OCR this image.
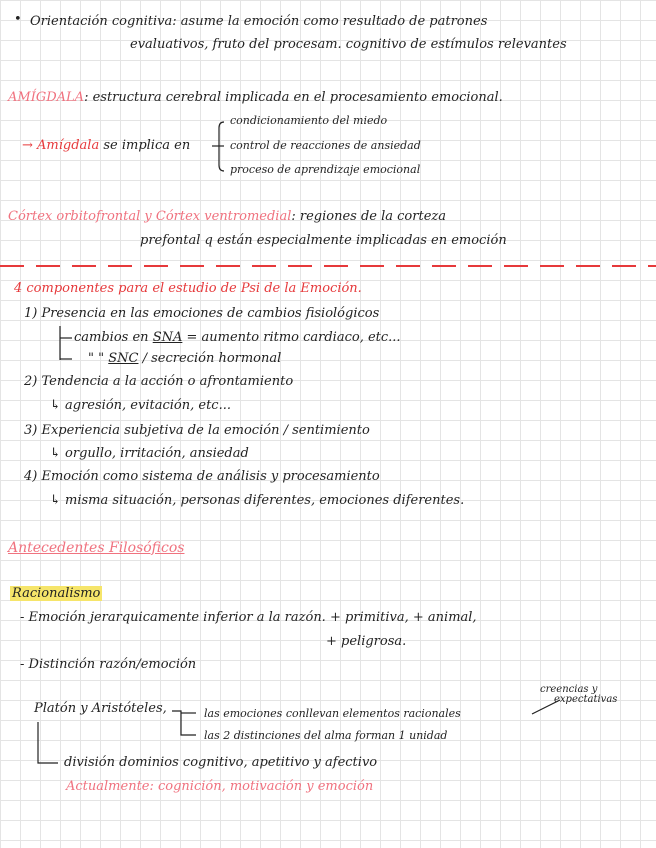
• Orientación cognitiva: asume la emoción como resultado de patrones
evaluativos, fruto del procesam. cognitivo de estímulos relevantes
AMÍGDALA: estructura cerebral implicada en el procesamiento emocional.
condicionamiento del miedo
→ Amígdala se implica en	control de reacciones de ansiedad
proceso de aprendizaje emocional
Córtex orbitofrontal y Córtex ventromedial: regiones de la corteza
prefontal q están especialmente implicadas en emoción
4 componentes para el estudio de Psi de la Emoción.
1) Presencia en las emociones de cambios fisiológicos
cambios en SNA = aumento ritmo cardiaco, etc...
" " SNC / secreción hormonal
2) Tendencia a la acción o afrontamiento
↳ agresión, evitación, etc...
3) Experiencia subjetiva de la emoción / sentimiento
↳ orgullo, irritación, ansiedad
4) Emoción como sistema de análisis y procesamiento
↳ misma situación, personas diferentes, emociones diferentes.
Antecedentes Filosóficos
Racionalismo
- Emoción jerarquicamente inferior a la razón. + primitiva, + animal,
+ peligrosa.
- Distinción razón/emoción
creencias y
expectativas
Platón y Aristóteles,	las emociones conllevan elementos racionales
las 2 distinciones del alma forman 1 unidad
división dominios cognitivo, apetitivo y afectivo
Actualmente: cognición, motivación y emoción
